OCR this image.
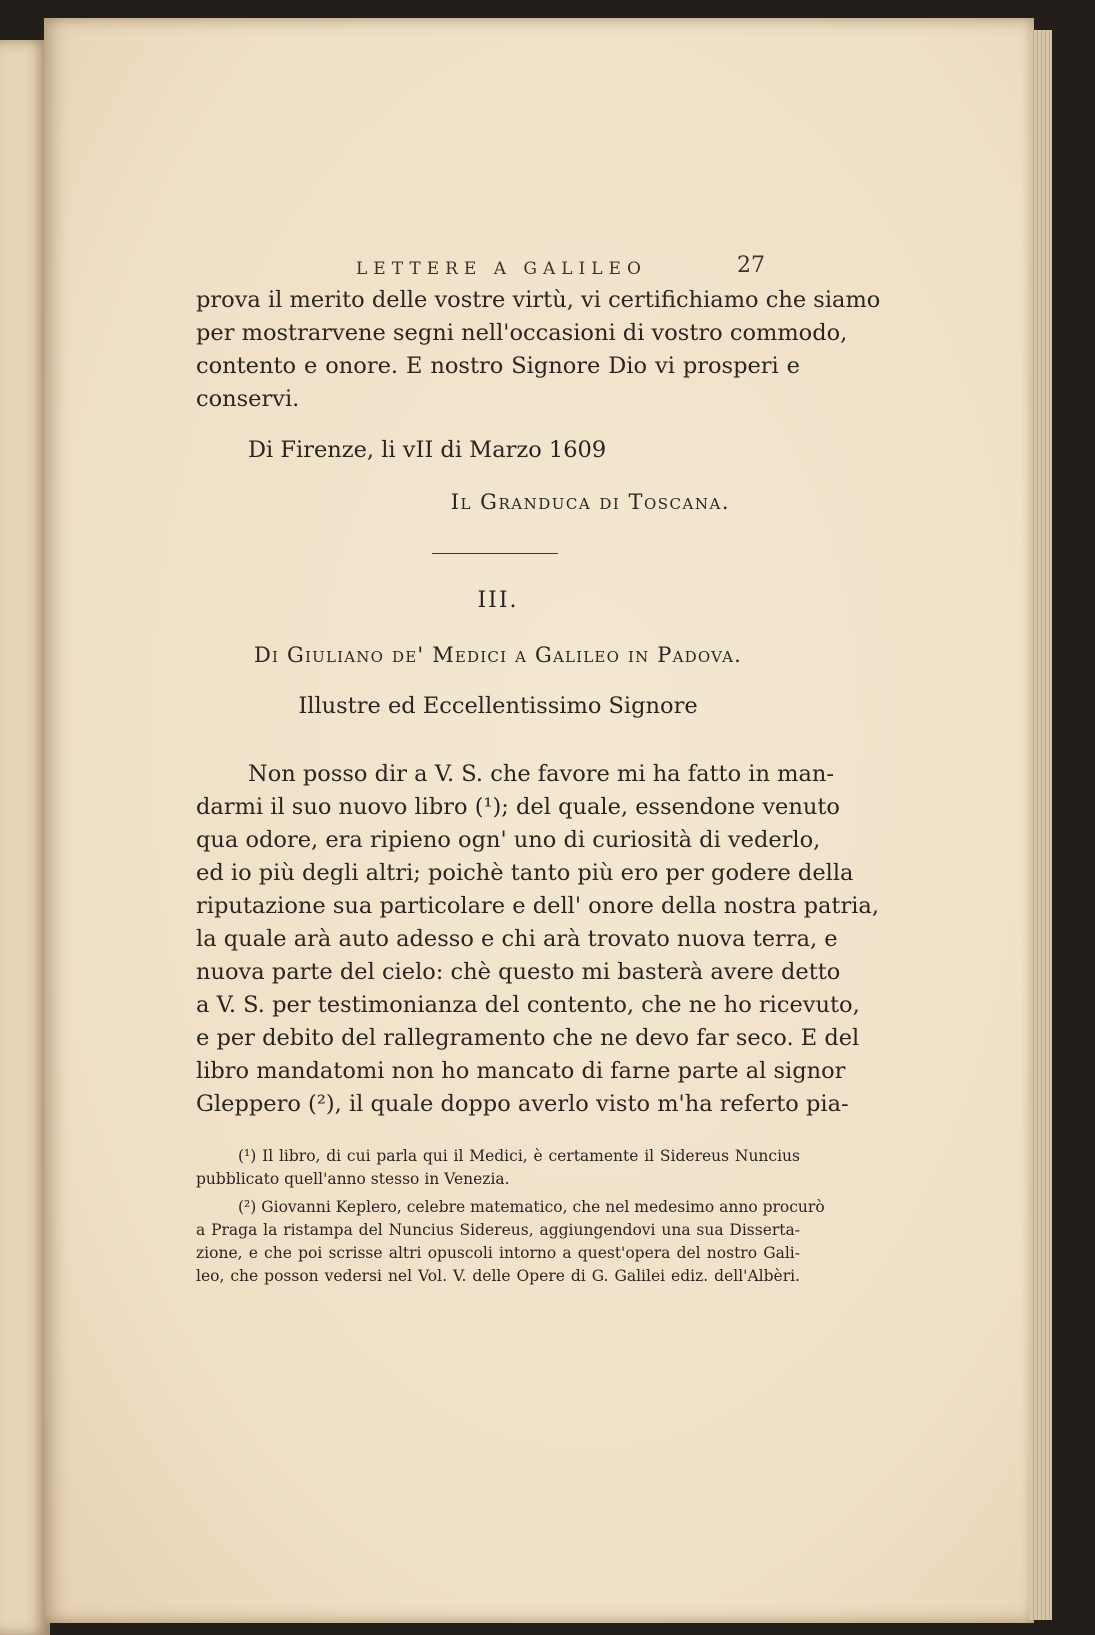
LETTERE A GALILEO	27
prova il merito delle vostre virtù, vi certifichiamo che siamo
per mostrarvene segni nell'occasioni di vostro commodo,
contento e onore. E nostro Signore Dio vi prosperi e
conservi.
Di Firenze, li vII di Marzo 1609
Il Granduca di Toscana.
III.
Di Giuliano de' Medici a Galileo in Padova.
Illustre ed Eccellentissimo Signore
Non posso dir a V. S. che favore mi ha fatto in man-
darmi il suo nuovo libro (¹); del quale, essendone venuto
qua odore, era ripieno ogn' uno di curiosità di vederlo,
ed io più degli altri; poichè tanto più ero per godere della
riputazione sua particolare e dell' onore della nostra patria,
la quale arà auto adesso e chi arà trovato nuova terra, e
nuova parte del cielo: chè questo mi basterà avere detto
a V. S. per testimonianza del contento, che ne ho ricevuto,
e per debito del rallegramento che ne devo far seco. E del
libro mandatomi non ho mancato di farne parte al signor
Gleppero (²), il quale doppo averlo visto m'ha referto pia-
(¹) Il libro, di cui parla qui il Medici, è certamente il Sidereus Nuncius
pubblicato quell'anno stesso in Venezia.
(²) Giovanni Keplero, celebre matematico, che nel medesimo anno procurò
a Praga la ristampa del Nuncius Sidereus, aggiungendovi una sua Disserta-
zione, e che poi scrisse altri opuscoli intorno a quest'opera del nostro Gali-
leo, che posson vedersi nel Vol. V. delle Opere di G. Galilei ediz. dell'Albèri.
